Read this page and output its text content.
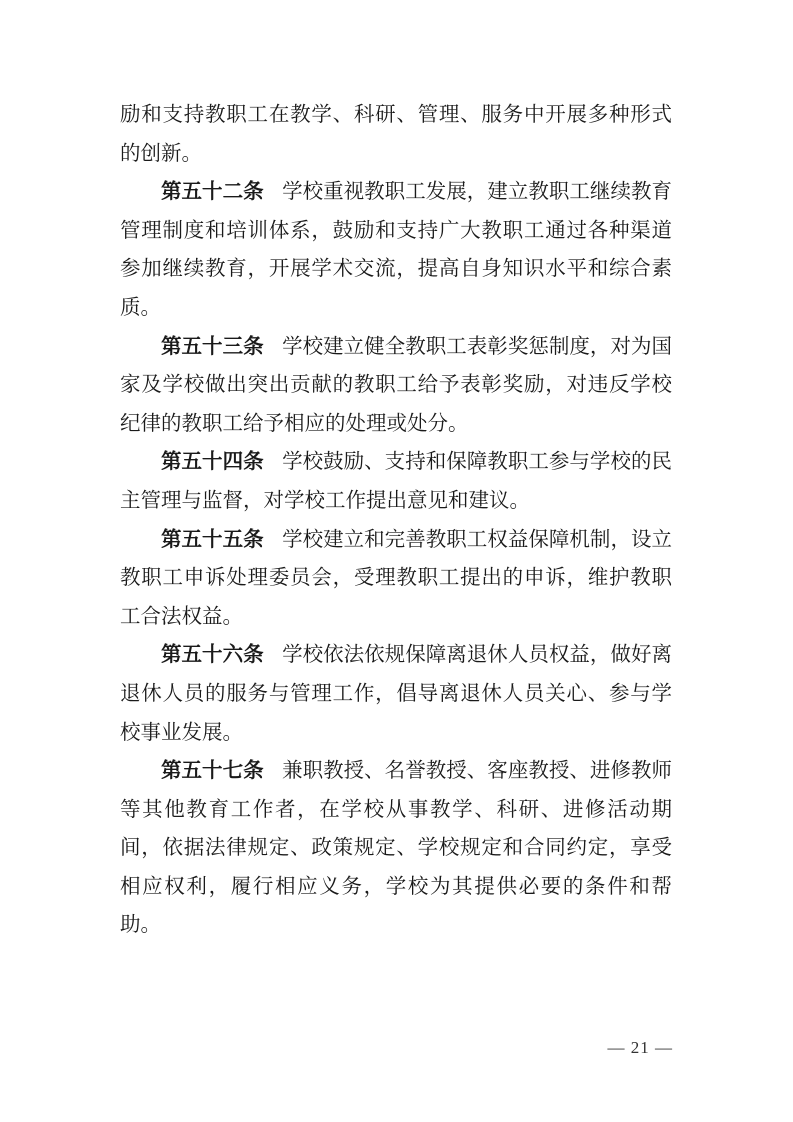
励和支持教职工在教学、科研、管理、服务中开展多种形式的创新。

第五十二条 学校重视教职工发展，建立教职工继续教育管理制度和培训体系，鼓励和支持广大教职工通过各种渠道参加继续教育，开展学术交流，提高自身知识水平和综合素质。

第五十三条 学校建立健全教职工表彰奖惩制度，对为国家及学校做出突出贡献的教职工给予表彰奖励，对违反学校纪律的教职工给予相应的处理或处分。

第五十四条 学校鼓励、支持和保障教职工参与学校的民主管理与监督，对学校工作提出意见和建议。

第五十五条 学校建立和完善教职工权益保障机制，设立教职工申诉处理委员会，受理教职工提出的申诉，维护教职工合法权益。

第五十六条 学校依法依规保障离退休人员权益，做好离退休人员的服务与管理工作，倡导离退休人员关心、参与学校事业发展。

第五十七条 兼职教授、名誉教授、客座教授、进修教师等其他教育工作者，在学校从事教学、科研、进修活动期间，依据法律规定、政策规定、学校规定和合同约定，享受相应权利，履行相应义务，学校为其提供必要的条件和帮助。

— 21 —
